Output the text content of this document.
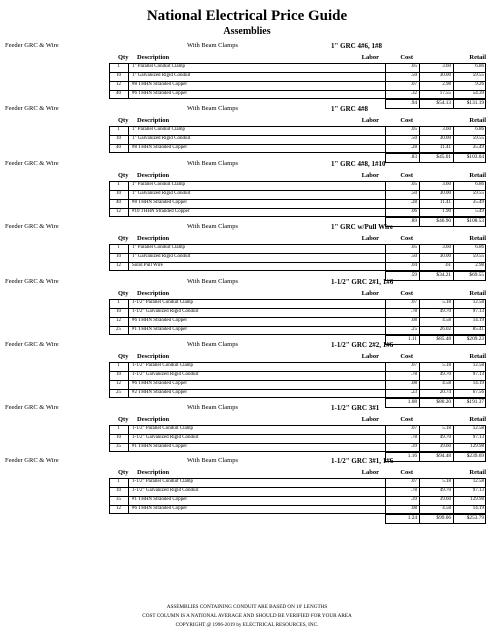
National Electrical Price Guide
Assemblies
Feeder GRC & Wire	With Beam Clamps	1" GRC 4#6, 1#8
Qty Description	Labor	Cost	Retail
1	1" Parallel Conduit Clamp	.05	3.60	6.86
10	1" Galvanized Rigid Conduit	.50	30.00	59.55
12	#8 THHN Stranded Copper	.07	2.98	9.26
40	#6 THHN Stranded Copper	.32	17.55	54.39
.94	$54.13	$131.19
Feeder GRC & Wire	With Beam Clamps	1" GRC 4#8
Qty Description	Labor	Cost	Retail
1	1" Parallel Conduit Clamp	.05	3.60	6.86
10	1" Galvanized Rigid Conduit	.50	30.00	59.55
40	#8 THHN Stranded Copper	.28	11.41	35.49
.83	$45.01	$103.04
Feeder GRC & Wire	With Beam Clamps	1" GRC 4#8, 1#10
Qty Description	Labor	Cost	Retail
1	1" Parallel Conduit Clamp	.05	3.60	6.86
10	1" Galvanized Rigid Conduit	.50	30.00	59.55
40	#8 THHN Stranded Copper	.28	11.41	35.49
12	#10 THHN Stranded Copper	.06	1.90	5.49
.89	$46.90	$108.53
Feeder GRC & Wire	With Beam Clamps	1" GRC w/Pull Wire
Qty Description	Labor	Cost	Retail
1	1" Parallel Conduit Clamp	.05	3.60	6.86
10	1" Galvanized Rigid Conduit	.50	30.00	59.55
12	Solid Pull Wire	.04	.61	2.98
.59	$34.21	$69.55
Feeder GRC & Wire	With Beam Clamps	1-1/2" GRC 2#1, 1#6
Qty Description	Labor	Cost	Retail
1	1-1/2" Parallel Conduit Clamp	.07	5.18	12.58
10	1-1/2" Galvanized Rigid Conduit	.78	49.70	97.13
12	#6 THHN Stranded Copper	.08	4.58	14.19
25	#1 THHN Stranded Copper	.25	26.02	85.41
1.11	$85.48	$209.23
Feeder GRC & Wire	With Beam Clamps	1-1/2" GRC 2#2, 1#6
Qty Description	Labor	Cost	Retail
1	1-1/2" Parallel Conduit Clamp	.07	5.18	12.58
10	1-1/2" Galvanized Rigid Conduit	.78	49.70	97.13
12	#6 THHN Stranded Copper	.08	4.58	14.19
25	#2 THHN Stranded Copper	.23	20.74	67.56
1.08	$80.20	$191.37
Feeder GRC & Wire	With Beam Clamps	1-1/2" GRC 3#1
Qty Description	Labor	Cost	Retail
1	1-1/2" Parallel Conduit Clamp	.07	5.18	12.58
10	1-1/2" Galvanized Rigid Conduit	.78	49.70	97.13
35	#1 THHN Stranded Copper	.39	39.60	129.98
1.16	$94.48	$239.69
Feeder GRC & Wire	With Beam Clamps	1-1/2" GRC 3#1, 1#6
Qty Description	Labor	Cost	Retail
1	1-1/2" Parallel Conduit Clamp	.07	5.18	12.58
10	1-1/2" Galvanized Rigid Conduit	.78	49.70	97.13
35	#1 THHN Stranded Copper	.39	39.60	129.98
12	#6 THHN Stranded Copper	.08	4.58	14.19
1.24	$99.06	$253.79
ASSEMBLIES CONTAINING CONDUIT ARE BASED ON 10' LENGTHS
COST COLUMN IS A NATIONAL AVERAGE AND SHOULD BE VERIFIED FOR YOUR AREA
COPYRIGHT @ 1996-2019 by ELECTRICAL RESOURCES, INC.
